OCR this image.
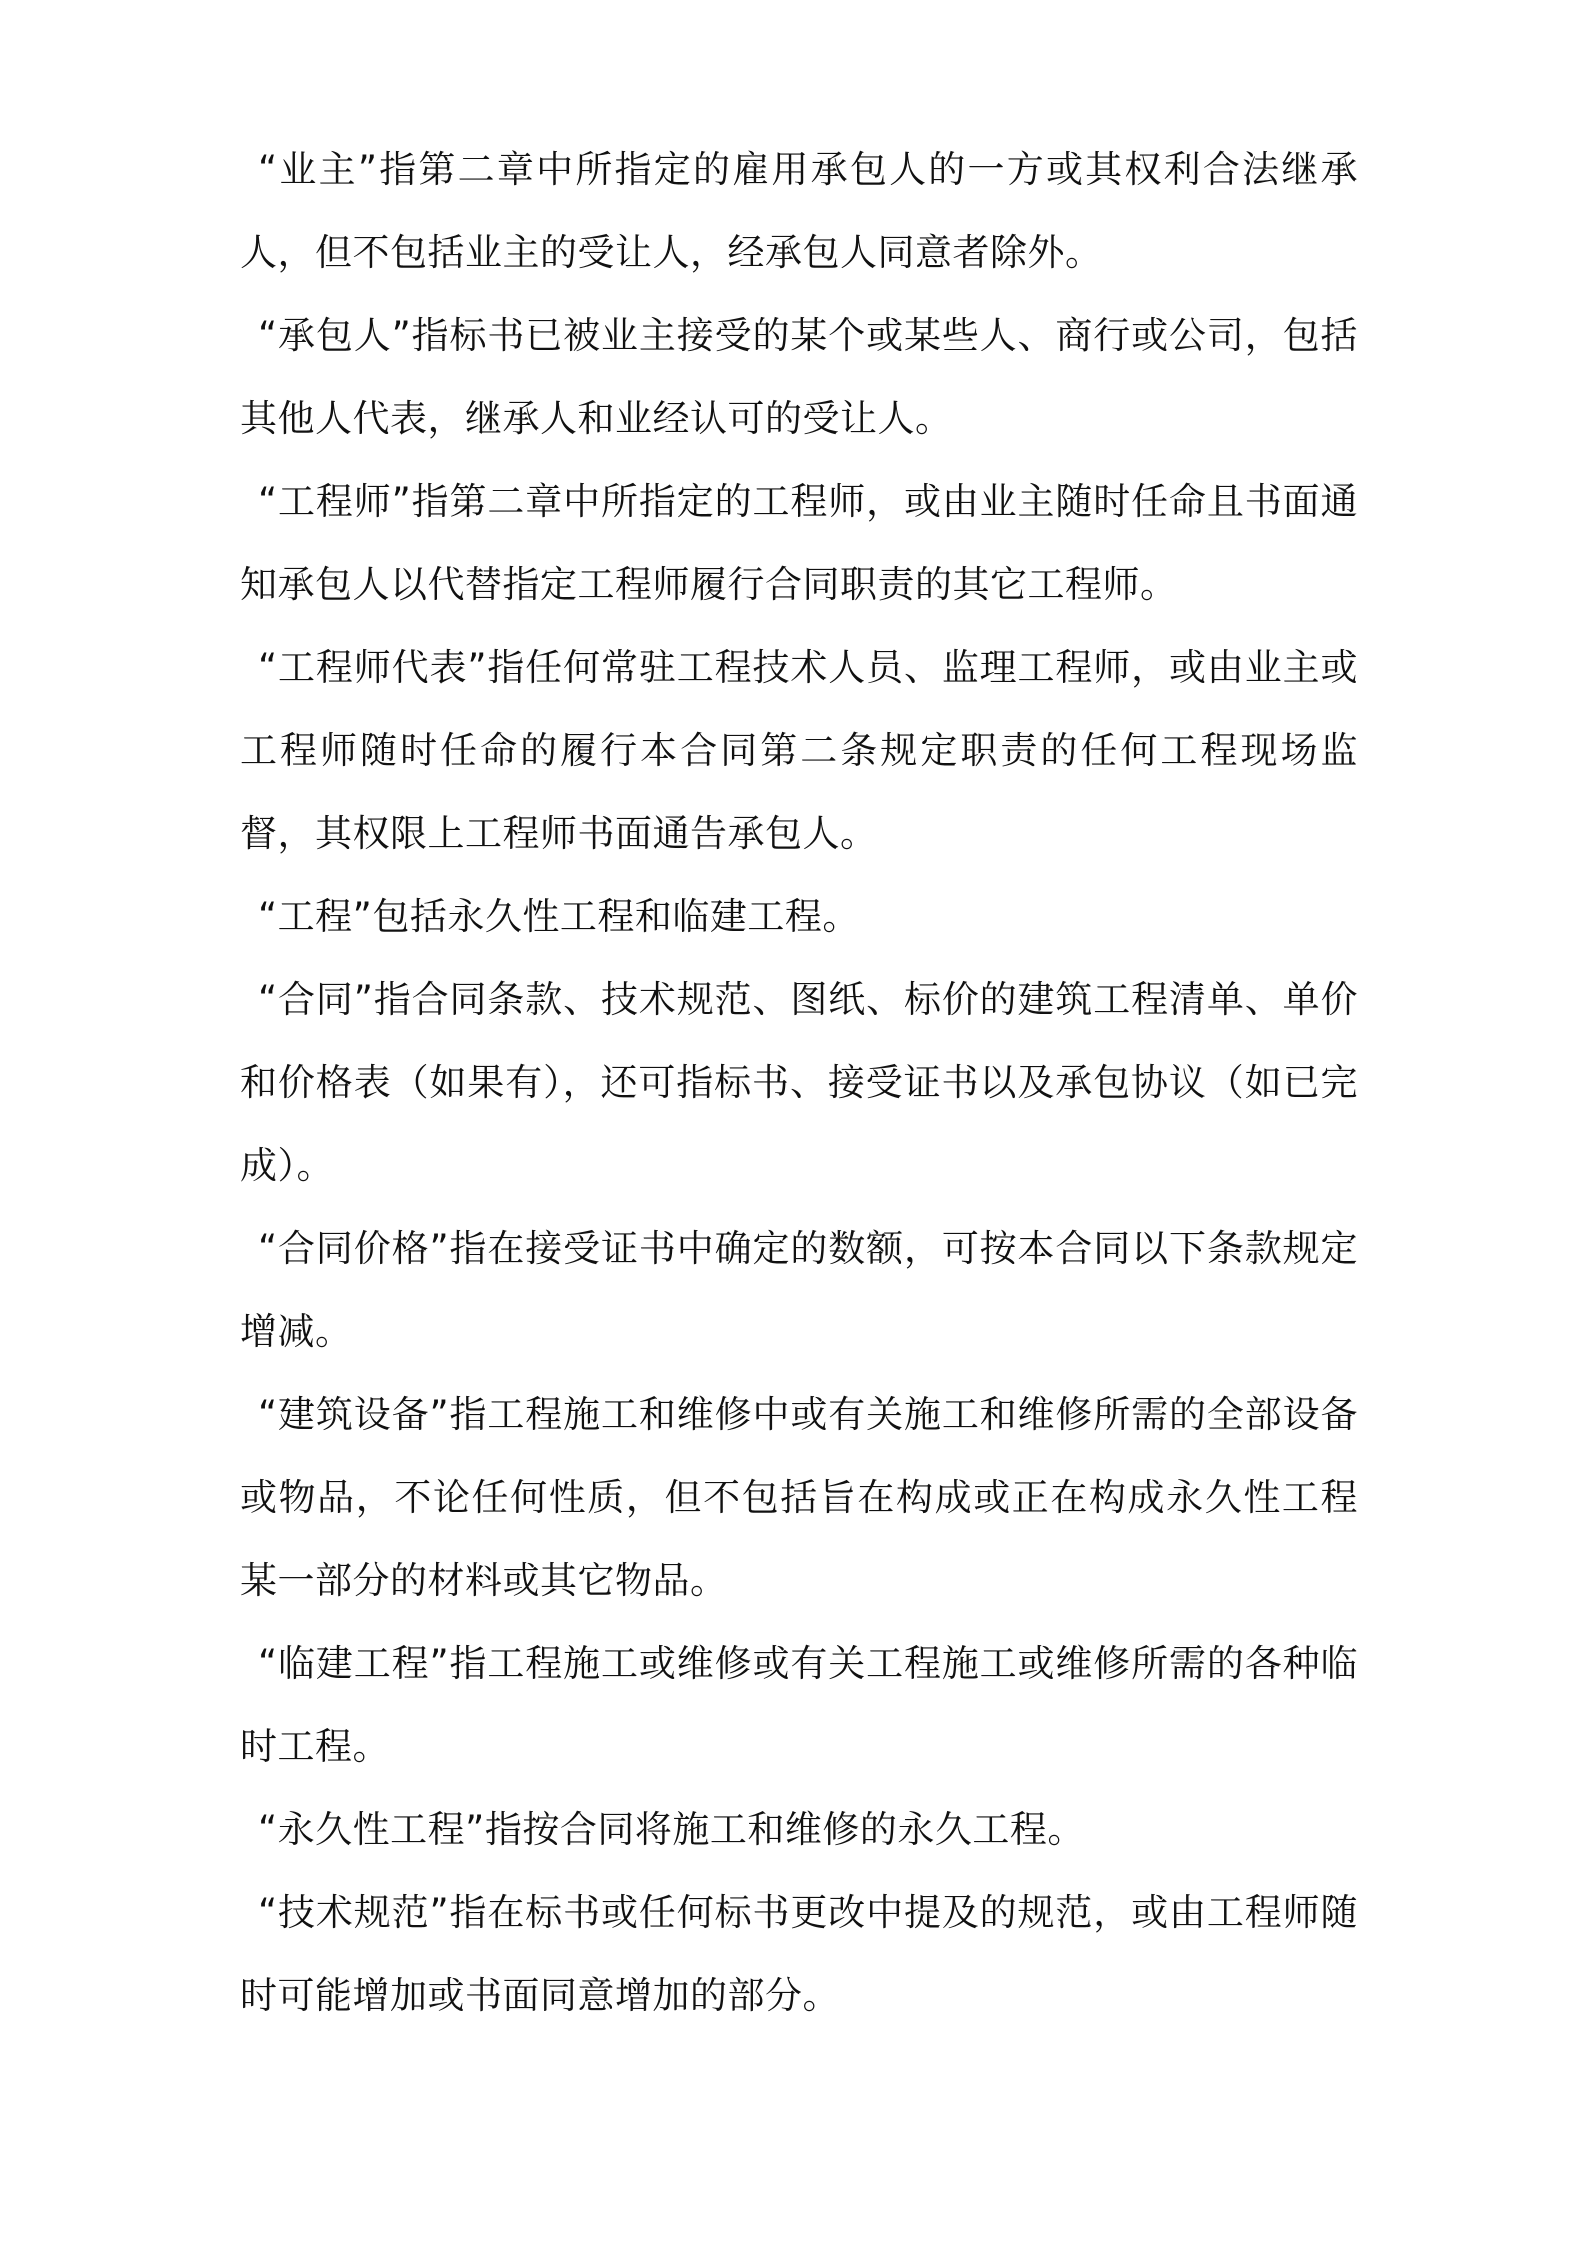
“业主”指第二章中所指定的雇用承包人的一方或其权利合法继承人，但不包括业主的受让人，经承包人同意者除外。

“承包人”指标书已被业主接受的某个或某些人、商行或公司，包括其他人代表，继承人和业经认可的受让人。

“工程师”指第二章中所指定的工程师，或由业主随时任命且书面通知承包人以代替指定工程师履行合同职责的其它工程师。

“工程师代表”指任何常驻工程技术人员、监理工程师，或由业主或工程师随时任命的履行本合同第二条规定职责的任何工程现场监督，其权限上工程师书面通告承包人。

“工程”包括永久性工程和临建工程。

“合同”指合同条款、技术规范、图纸、标价的建筑工程清单、单价和价格表（如果有），还可指标书、接受证书以及承包协议（如已完成）。

“合同价格”指在接受证书中确定的数额，可按本合同以下条款规定增减。

“建筑设备”指工程施工和维修中或有关施工和维修所需的全部设备或物品，不论任何性质，但不包括旨在构成或正在构成永久性工程某一部分的材料或其它物品。

“临建工程”指工程施工或维修或有关工程施工或维修所需的各种临时工程。

“永久性工程”指按合同将施工和维修的永久工程。

“技术规范”指在标书或任何标书更改中提及的规范，或由工程师随时可能增加或书面同意增加的部分。
